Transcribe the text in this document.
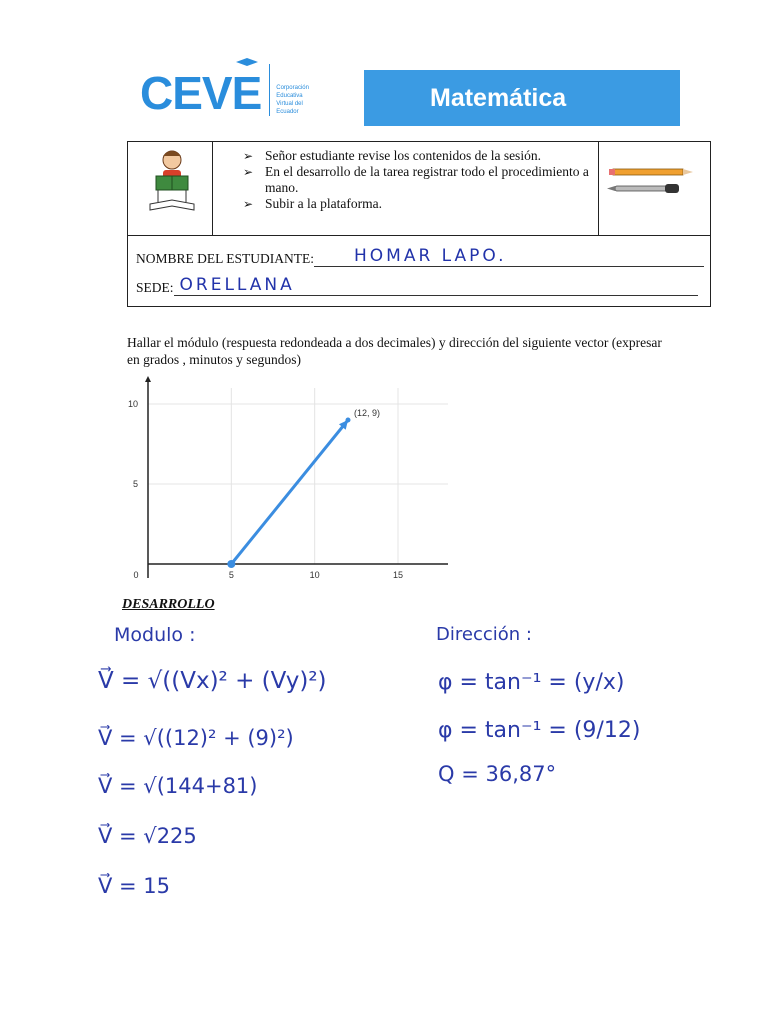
CEVE	Corporación
Educativa
Virtual del
Ecuador
Matemática
➢ Señor estudiante revise los contenidos de la sesión.
➢ En el desarrollo de la tarea registrar todo el procedimiento a mano.
➢ Subir a la plataforma.
NOMBRE DEL ESTUDIANTE:	HOMAR LAPO.
SEDE: ORELLANA
Hallar el módulo (respuesta redondeada a dos decimales) y dirección del siguiente vector (expresar en grados , minutos y segundos)
0	5	10	15
5
10
(12, 9)
DESARROLLO
Modulo :
V⃗ = √((Vx)² + (Vy)²)
V⃗ = √((12)² + (9)²)
V⃗ = √(144+81)
V⃗ = √225
V⃗ = 15
Dirección :
φ = tan⁻¹ = (y/x)
φ = tan⁻¹ = (9/12)
Q = 36,87°
